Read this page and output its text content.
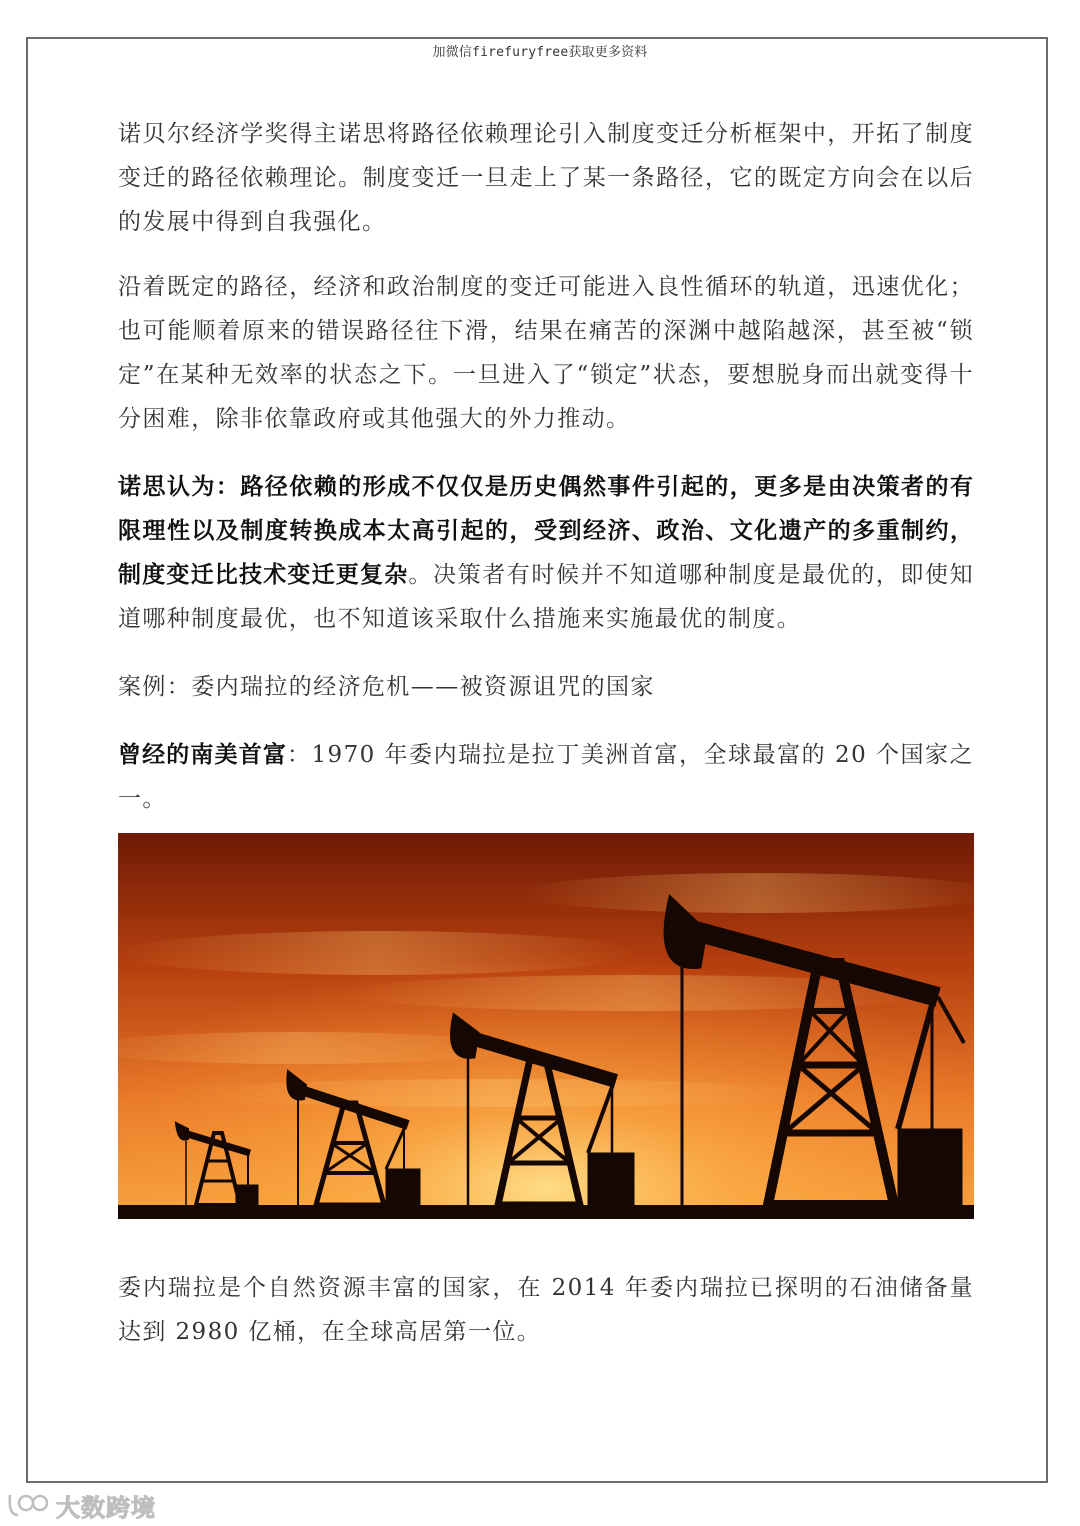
加微信firefuryfree获取更多资料

诺贝尔经济学奖得主诺思将路径依赖理论引入制度变迁分析框架中，开拓了制度变迁的路径依赖理论。制度变迁一旦走上了某一条路径，它的既定方向会在以后的发展中得到自我强化。

沿着既定的路径，经济和政治制度的变迁可能进入良性循环的轨道，迅速优化；也可能顺着原来的错误路径往下滑，结果在痛苦的深渊中越陷越深，甚至被“锁定”在某种无效率的状态之下。一旦进入了“锁定”状态，要想脱身而出就变得十分困难，除非依靠政府或其他强大的外力推动。

诺思认为：路径依赖的形成不仅仅是历史偶然事件引起的，更多是由决策者的有限理性以及制度转换成本太高引起的，受到经济、政治、文化遗产的多重制约，制度变迁比技术变迁更复杂。决策者有时候并不知道哪种制度是最优的，即使知道哪种制度最优，也不知道该采取什么措施来实施最优的制度。

案例：委内瑞拉的经济危机——被资源诅咒的国家

曾经的南美首富：1970 年委内瑞拉是拉丁美洲首富，全球最富的 20 个国家之一。

委内瑞拉是个自然资源丰富的国家，在 2014 年委内瑞拉已探明的石油储备量达到 2980 亿桶，在全球高居第一位。

大数跨境
